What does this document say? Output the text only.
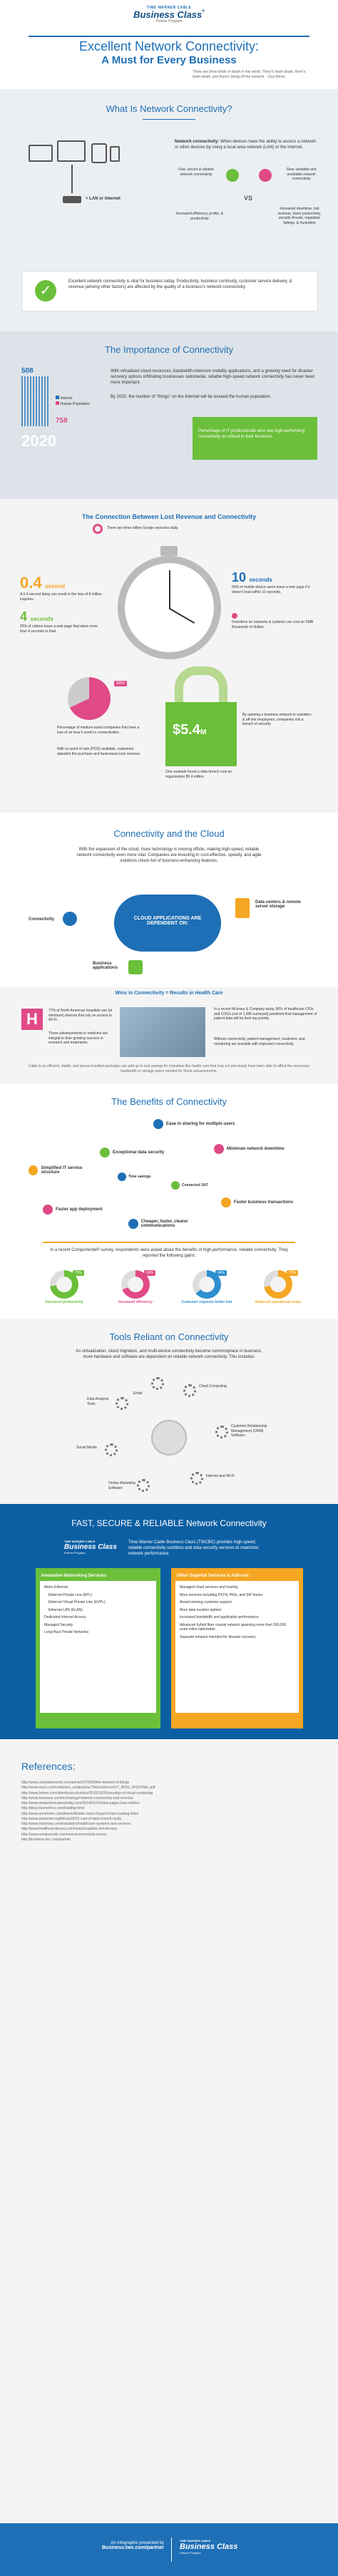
TIME WARNER CABLE
Business Class®
Partner Program
Excellent Network Connectivity:
A Must for Every Business
There are three kinds of death in this world. There's heart death, there's brain death, and there's being off the network. ~Guy Almes
What Is Network Connectivity?
= LAN or Internet
Network connectivity: When devices have the ability to access a network or other devices by using a local area network (LAN) or the Internet.
Fast, secure & reliable network connectivity
Slow, unstable and unreliable network connectivity
VS
Increased efficiency, profits, & productivity
Increased downtime, lost revenue, lower productivity, security threats, regulation failings, & frustration
✓
Excellent network connectivity is vital for business today. Productivity, business continuity, customer service delivery, & revenue (among other factors) are affected by the quality of a business's network connectivity.
The Importance of Connectivity
508
Internet
Human Population
758
2020
With virtualized cloud resources, bandwidth-intensive mobility applications, and a growing need for disaster recovery options infiltrating businesses nationwide, reliable high-speed network connectivity has never been more important.
By 2020, the number of "things" on the Internet will far exceed the human population.
Percentage of IT professionals who see high-performing connectivity as critical to their business.
The Connection Between Lost Revenue and Connectivity
There are three billion Google searches daily.
0.4 second
A 0.4-second delay can result in the loss of 8 million inquiries.
4 seconds
25% of visitors leave a web page that takes more than 4 seconds to load.
10 seconds
50% of mobile device users leave a web page if it doesn't load within 10 seconds.
Downtime on networks & systems can cost an SMB thousands of dollars.
68%
Percentage of medium-sized companies that have a loss of an hour's worth in connectivities.
With no point of sale (POS) available, customers abandon the purchase and businesses lose revenue.
$5.4M
By opening a business network to outsiders & off-site employees, companies risk a breach of security.
One example found a data breach cost an organization $5.4 million.
Connectivity and the Cloud
With the expansion of the cloud, more technology is moving offsite, making high-speed, reliable network connectivity even more vital. Companies are investing in cost-effective, speedy, and agile solutions chock-full of business-enhancing features.
Connectivity	CLOUD APPLICATIONS ARE DEPENDENT ON:
Data centers & remote server storage
Business applications
Wins in Connectivity = Results in Health Care
H	77% of North American hospitals use (at minimum) devices that rely on access to Wi-Fi.
These advancements in medicine are integral to their growing success in research and treatments.
In a recent Mcinsey & Company study, 50% of healthcare CIOs and COOs (out of 1,000 surveyed) predicted that management of patient data will be their top priority.
Without connectivity, patient management, treatment, and monitoring are possible with improved connectivity.
Cable & an efficient, stable, and secure bundled packages can add up to real savings for industries like health care that may not previously have been able to afford the necessary bandwidth or storage space needed for these advancements.
The Benefits of Connectivity
Ease in sharing for multiple users
Exceptional data security
Minimum network downtime
Simplified IT service structure
Time savings
Connected 24/7
Faster app deployment
Faster business transactions
Cheaper, faster, clearer communications
In a recent CompuVerde® survey, respondents were asked about the benefits of high-performance, reliable connectivity. They reported the following gains:
Increased productivity
73%
Increased efficiency
69%
Customer requests better met
64%
Reduced operational costs
72%
Tools Reliant on Connectivity
As virtualization, cloud migration, and multi-device connectivity become commonplace in business, more hardware and software are dependent on reliable network connectivity. This includes:
Cloud Computing
Customer Relationship Management (CRM) Software
Internet and Wi-Fi
Online Marketing Software
Social Media
Data Analysis Tools
Email
FAST, SECURE & RELIABLE Network Connectivity
TIME WARNER CABLE
Business Class
Partner Program
Time Warner Cable Business Class (TWCBC) provides high-speed, reliable connectivity solutions and data security services to maximize network performance.
Innovative Networking Services:
Metro Ethernet
Ethernet Private Line (EPL)
Ethernet Virtual Private Line (EVPL)
Ethernet LAN (ELAN)
Dedicated Internet Access
Managed Security
Long-Haul Private Networks
Other Superior Services & Add-ons:
Managed cloud services and hosting
More services including PSTN, PRIs, and SIP trunks
Award-winning customer support
More data location options
Increased bandwidth and application performance
Advanced hybrid fiber coaxial network spanning more than 300,000 route miles nationwide
Separate network intended for disaster recovery
References:
http://www.computerworld.com/article/2475960/the-internet-of-things
http://www.cisco.com/c/dam/en_us/about/ac79/docs/innov/IoT_IBSG_0411FINAL.pdf
http://www.forbes.com/sites/louiscolumbus/2015/10/26/roundup-of-cloud-computing
http://www.business.com/technology/network-connectivity-and-revenue
http://www.webperformancetoday.com/2014/01/16/slow-pages-lose-visitors
http://blog.kissmetrics.com/loading-time/
http://www.emarketer.com/Article/Mobile-Users-Expect-Fast-Loading-Sites
http://www.ponemon.org/library/2015-cost-of-data-breach-study
http://www.mckinsey.com/industries/healthcare-systems-and-services
http://www.healthcareitnews.com/news/hospitals-wifi-devices
http://www.compuverde.com/news/connectivity-survey
http://business.twc.com/partner
An infographic presented by
Business.twc.com/partner
TIME WARNER CABLE
Business Class
Partner Program
